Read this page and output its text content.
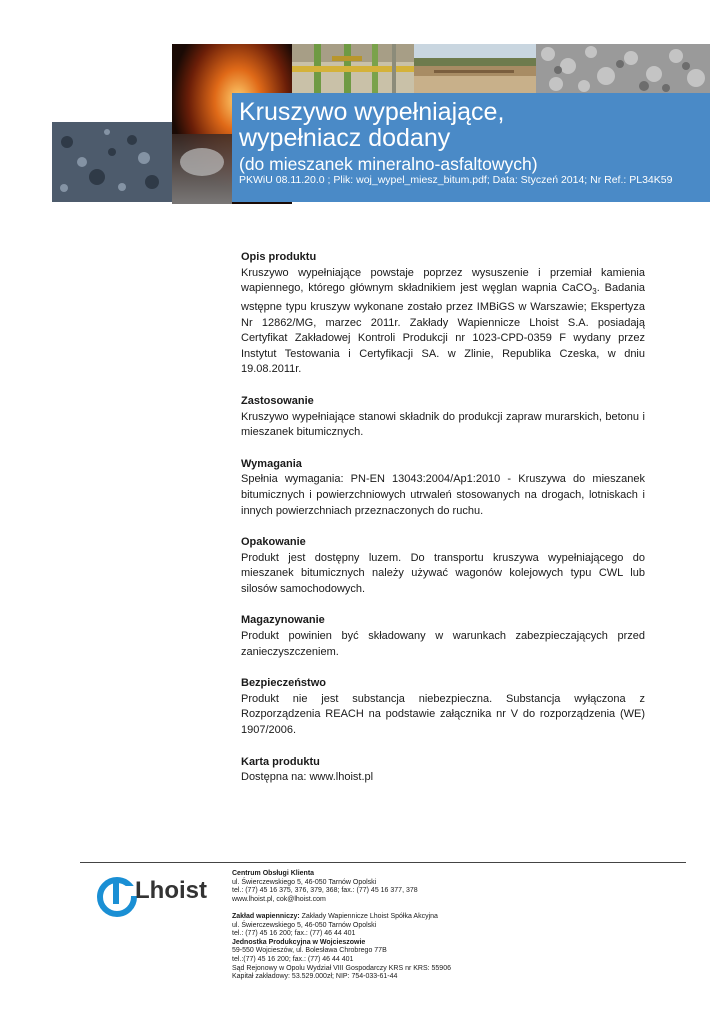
Kruszywo wypełniające,
wypełniacz dodany
(do mieszanek mineralno-asfaltowych)
PKWiU 08.11.20.0 ; Plik: woj_wypel_miesz_bitum.pdf; Data: Styczeń 2014; Nr Ref.: PL34K59
Opis produktu

Kruszywo wypełniające powstaje poprzez wysuszenie i przemiał kamienia wapiennego, którego głównym składnikiem jest węglan wapnia CaCO$_3$. Badania wstępne typu kruszyw wykonane zostało przez IMBiGS w Warszawie; Ekspertyza Nr 12862/MG, marzec 2011r. Zakłady Wapiennicze Lhoist S.A. posiadają Certyfikat Zakładowej Kontroli Produkcji nr 1023-CPD-0359 F wydany przez Instytut Testowania i Certyfikacji SA. w Zlinie, Republika Czeska, w dniu 19.08.2011r.

Zastosowanie

Kruszywo wypełniające stanowi składnik do produkcji zapraw murarskich, betonu i mieszanek bitumicznych.

Wymagania

Spełnia wymagania: PN-EN 13043:2004/Ap1:2010 - Kruszywa do mieszanek bitumicznych i powierzchniowych utrwaleń stosowanych na drogach, lotniskach i innych powierzchniach przeznaczonych do ruchu.

Opakowanie

Produkt jest dostępny luzem. Do transportu kruszywa wypełniającego do mieszanek bitumicznych należy używać wagonów kolejowych typu CWL lub silosów samochodowych.

Magazynowanie

Produkt powinien być składowany w warunkach zabezpieczających przed zanieczyszczeniem.

Bezpieczeństwo

Produkt nie jest substancja niebezpieczna. Substancja wyłączona z Rozporządzenia REACH na podstawie załącznika nr V do rozporządzenia (WE) 1907/2006.

Karta produktu

Dostępna na: www.lhoist.pl

Lhoist
Centrum Obsługi Klienta
ul. Świerczewskiego 5, 46-050 Tarnów Opolski
tel.: (77) 45 16 375, 376, 379, 368; fax.: (77) 45 16 377, 378
www.lhoist.pl, cok@lhoist.com
Zakład wapienniczy: Zakłady Wapiennicze Lhoist Spółka Akcyjna
ul. Świerczewskiego 5, 46-050 Tarnów Opolski
tel.: (77) 45 16 200; fax.: (77) 46 44 401
Jednostka Produkcyjna w Wojcieszowie
59-550 Wojcieszów, ul. Bolesława Chrobrego 77B
tel.:(77) 45 16 200; fax.: (77) 46 44 401
Sąd Rejonowy w Opolu Wydział VIII Gospodarczy KRS nr KRS: 55906
Kapitał zakładowy: 53.529.000zł; NIP: 754-033-61-44
